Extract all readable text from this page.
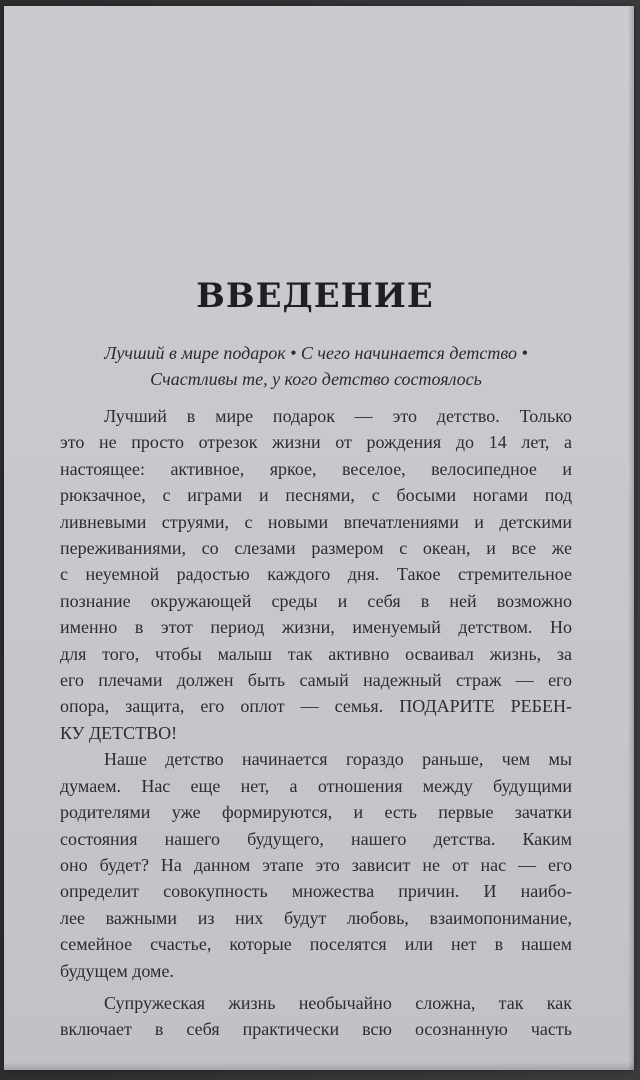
ВВЕДЕНИЕ
Лучший в мире подарок • С чего начинается детство •
Счастливы те, у кого детство состоялось
Лучший в мире подарок — это детство. Только
это не просто отрезок жизни от рождения до 14 лет, а
настоящее: активное, яркое, веселое, велосипедное и
рюкзачное, с играми и песнями, с босыми ногами под
ливневыми струями, с новыми впечатлениями и детскими
переживаниями, со слезами размером с океан, и все же
с неуемной радостью каждого дня. Такое стремительное
познание окружающей среды и себя в ней возможно
именно в этот период жизни, именуемый детством. Но
для того, чтобы малыш так активно осваивал жизнь, за
его плечами должен быть самый надежный страж — его
опора, защита, его оплот — семья. ПОДАРИТЕ РЕБЕН-
КУ ДЕТСТВО!
Наше детство начинается гораздо раньше, чем мы
думаем. Нас еще нет, а отношения между будущими
родителями уже формируются, и есть первые зачатки
состояния нашего будущего, нашего детства. Каким
оно будет? На данном этапе это зависит не от нас — его
определит совокупность множества причин. И наибо-
лее важными из них будут любовь, взаимопонимание,
семейное счастье, которые поселятся или нет в нашем
будущем доме.
Супружеская жизнь необычайно сложна, так как
включает в себя практически всю осознанную часть
